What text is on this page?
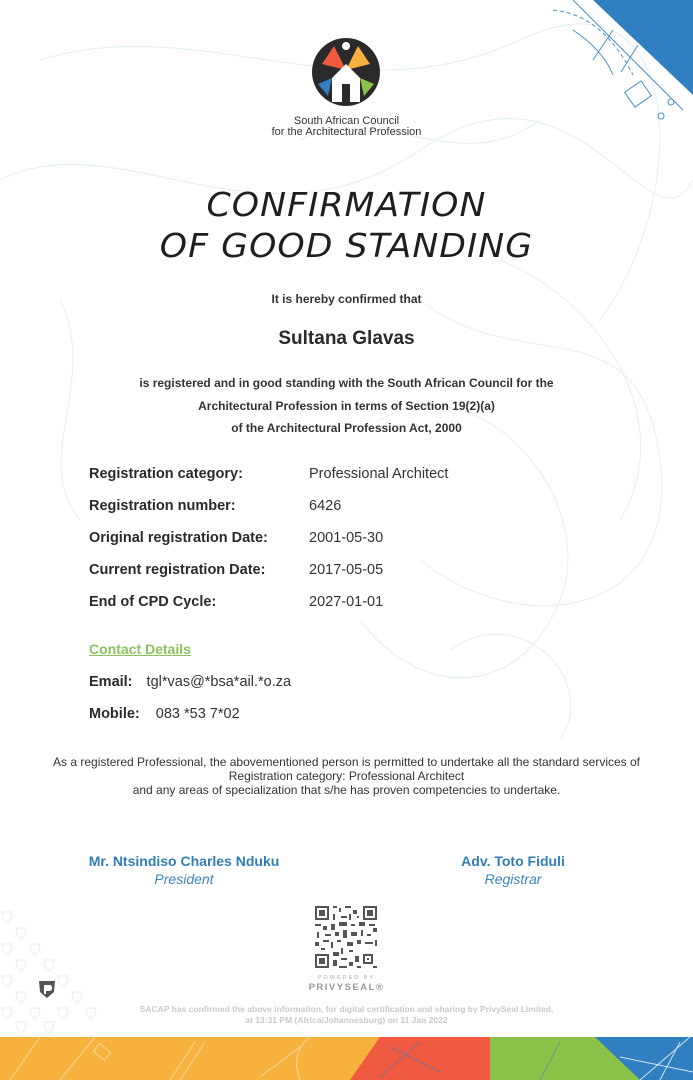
South African Council
for the Architectural Profession
CONFIRMATION
OF GOOD STANDING
It is hereby confirmed that
Sultana Glavas
is registered and in good standing with the South African Council for the
Architectural Profession in terms of Section 19(2)(a)
of the Architectural Profession Act, 2000
Registration category:	Professional Architect
Registration number:	6426
Original registration Date:	2001-05-30
Current registration Date:	2017-05-05
End of CPD Cycle:	2027-01-01
Contact Details
Email: tgl*vas@*bsa*ail.*o.za
Mobile: 083 *53 7*02
As a registered Professional, the abovementioned person is permitted to undertake all the standard services of
Registration category: Professional Architect
and any areas of specialization that s/he has proven competencies to undertake.
Mr. Ntsindiso Charles Nduku
President
Adv. Toto Fiduli
Registrar
POWERED BY
PRIVYSEAL®
SACAP has confirmed the above information, for digital certification and sharing by PrivySeal Limited,
at 13:31 PM (Africa/Johannesburg) on 11 Jan 2022
